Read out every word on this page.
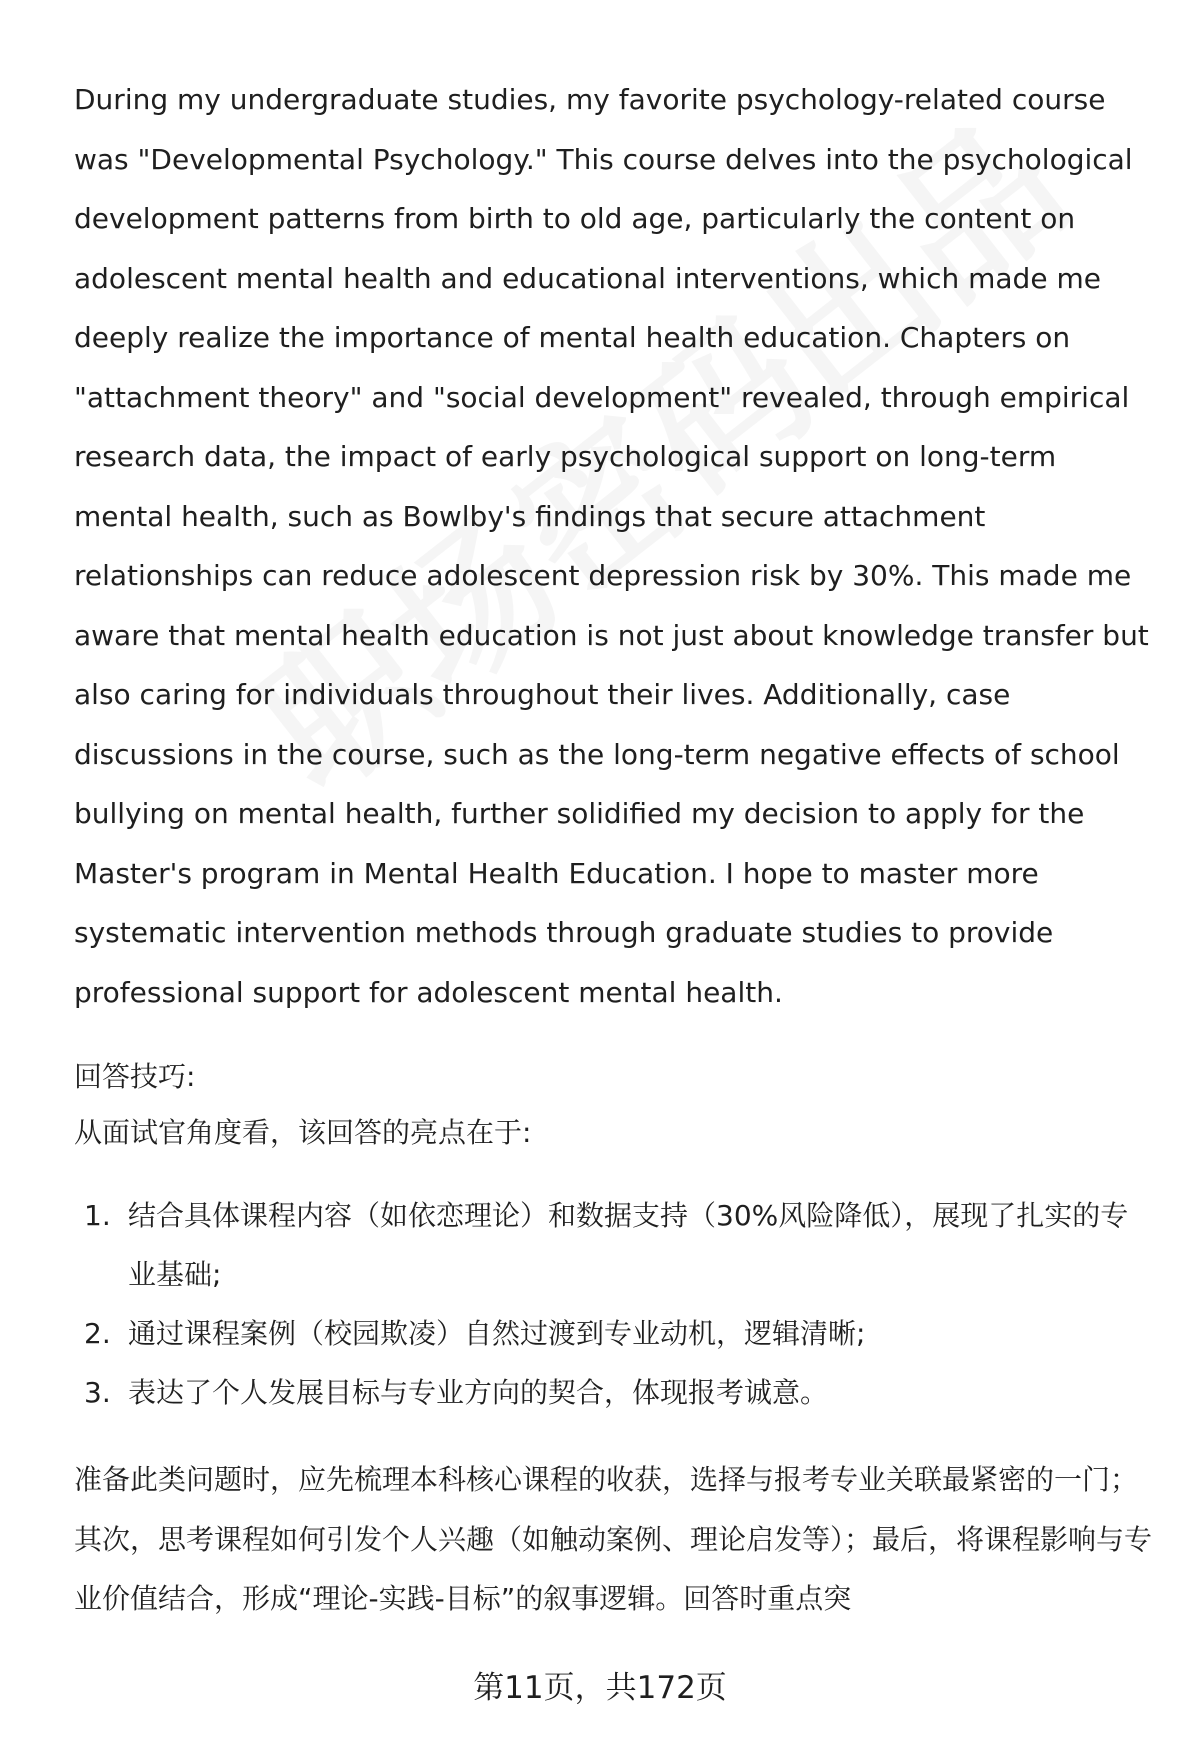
During my undergraduate studies, my favorite psychology-related course was "Developmental Psychology." This course delves into the psychological development patterns from birth to old age, particularly the content on adolescent mental health and educational interventions, which made me deeply realize the importance of mental health education. Chapters on "attachment theory" and "social development" revealed, through empirical research data, the impact of early psychological support on long-term mental health, such as Bowlby's findings that secure attachment relationships can reduce adolescent depression risk by 30%. This made me aware that mental health education is not just about knowledge transfer but also caring for individuals throughout their lives. Additionally, case discussions in the course, such as the long-term negative effects of school bullying on mental health, further solidified my decision to apply for the Master's program in Mental Health Education. I hope to master more systematic intervention methods through graduate studies to provide professional support for adolescent mental health.

回答技巧:

从面试官角度看，该回答的亮点在于:

1. 结合具体课程内容（如依恋理论）和数据支持（30%风险降低），展现了扎实的专业基础;
2. 通过课程案例（校园欺凌）自然过渡到专业动机，逻辑清晰;
3. 表达了个人发展目标与专业方向的契合，体现报考诚意。

准备此类问题时，应先梳理本科核心课程的收获，选择与报考专业关联最紧密的一门；其次，思考课程如何引发个人兴趣（如触动案例、理论启发等）；最后，将课程影响与专业价值结合，形成“理论-实践-目标”的叙事逻辑。回答时重点突

第11页，共172页
